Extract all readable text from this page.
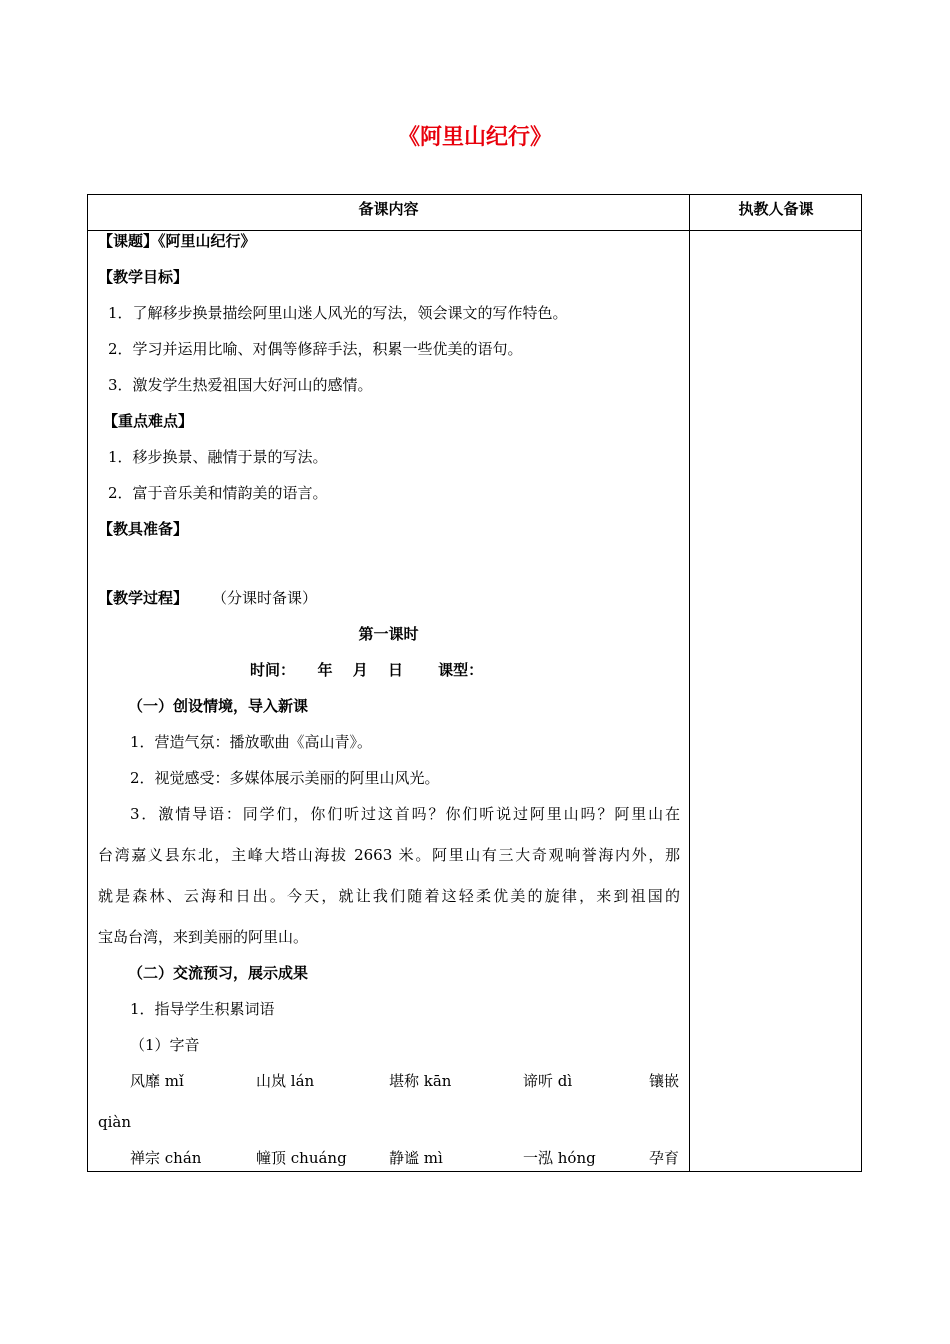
《阿里山纪行》
备课内容	执教人备课
【课题】《阿里山纪行》
【教学目标】
1．了解移步换景描绘阿里山迷人风光的写法，领会课文的写作特色。
2．学习并运用比喻、对偶等修辞手法，积累一些优美的语句。
3．激发学生热爱祖国大好河山的感情。
【重点难点】
1．移步换景、融情于景的写法。
2．富于音乐美和情韵美的语言。
【教具准备】
【教学过程】 （分课时备课）
第一课时
时间：　　年　 月　 日　　 课型：
（一）创设情境，导入新课
1．营造气氛：播放歌曲《高山青》。
2．视觉感受：多媒体展示美丽的阿里山风光。
3．激情导语：同学们，你们听过这首吗？你们听说过阿里山吗？阿里山在
台湾嘉义县东北，主峰大塔山海拔 2663 米。阿里山有三大奇观响誉海内外，那
就是森林、云海和日出。今天，就让我们随着这轻柔优美的旋律，来到祖国的
宝岛台湾，来到美丽的阿里山。
（二）交流预习，展示成果
1．指导学生积累词语
（1）字音
风靡 mǐ	山岚 lán	堪称 kān	谛听 dì	镶嵌
qiàn
禅宗 chán	幢顶 chuáng	静谧 mì	一泓 hóng	孕育
